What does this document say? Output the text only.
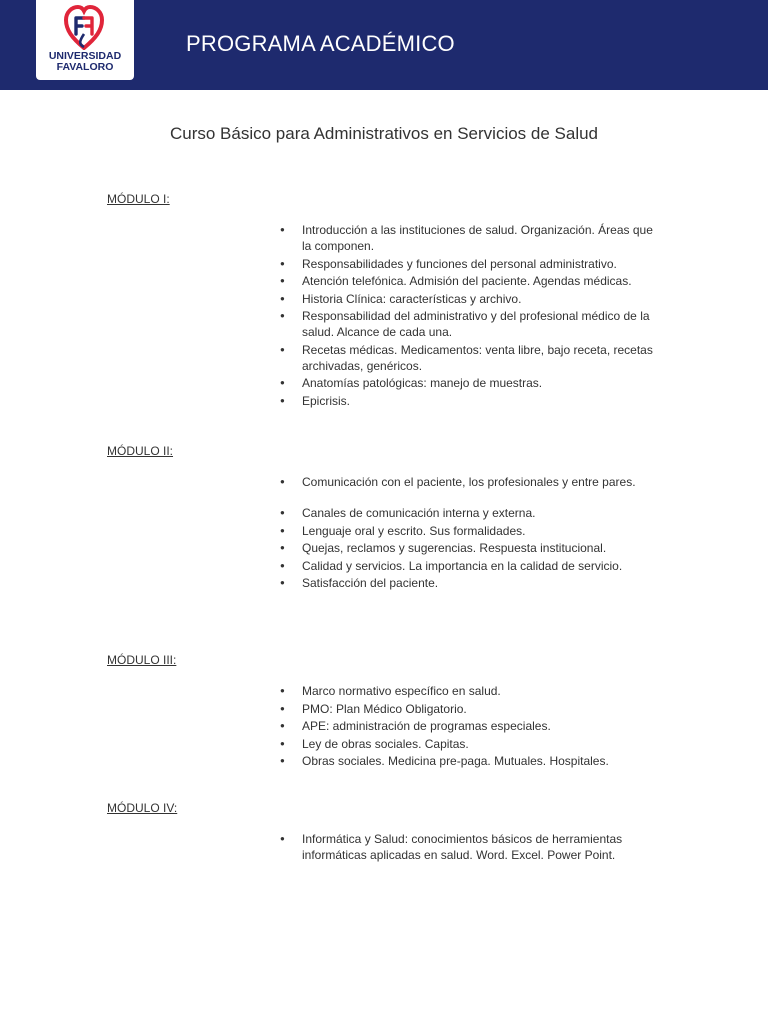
UNIVERSIDAD
FAVALORO
PROGRAMA ACADÉMICO
Curso Básico para Administrativos en Servicios de Salud
MÓDULO I:
● Introducción a las instituciones de salud. Organización. Áreas que la componen.
● Responsabilidades y funciones del personal administrativo.
● Atención telefónica. Admisión del paciente. Agendas médicas.
● Historia Clínica: características y archivo.
● Responsabilidad del administrativo y del profesional médico de la salud. Alcance de cada una.
● Recetas médicas. Medicamentos: venta libre, bajo receta, recetas archivadas, genéricos.
● Anatomías patológicas: manejo de muestras.
● Epicrisis.
MÓDULO II:
● Comunicación con el paciente, los profesionales y entre pares.
● Canales de comunicación interna y externa.
● Lenguaje oral y escrito. Sus formalidades.
● Quejas, reclamos y sugerencias. Respuesta institucional.
● Calidad y servicios. La importancia en la calidad de servicio.
● Satisfacción del paciente.
MÓDULO III:
● Marco normativo específico en salud.
● PMO: Plan Médico Obligatorio.
● APE: administración de programas especiales.
● Ley de obras sociales. Capitas.
● Obras sociales. Medicina pre-paga. Mutuales. Hospitales.
MÓDULO IV:
● Informática y Salud: conocimientos básicos de herramientas informáticas aplicadas en salud. Word. Excel. Power Point.
